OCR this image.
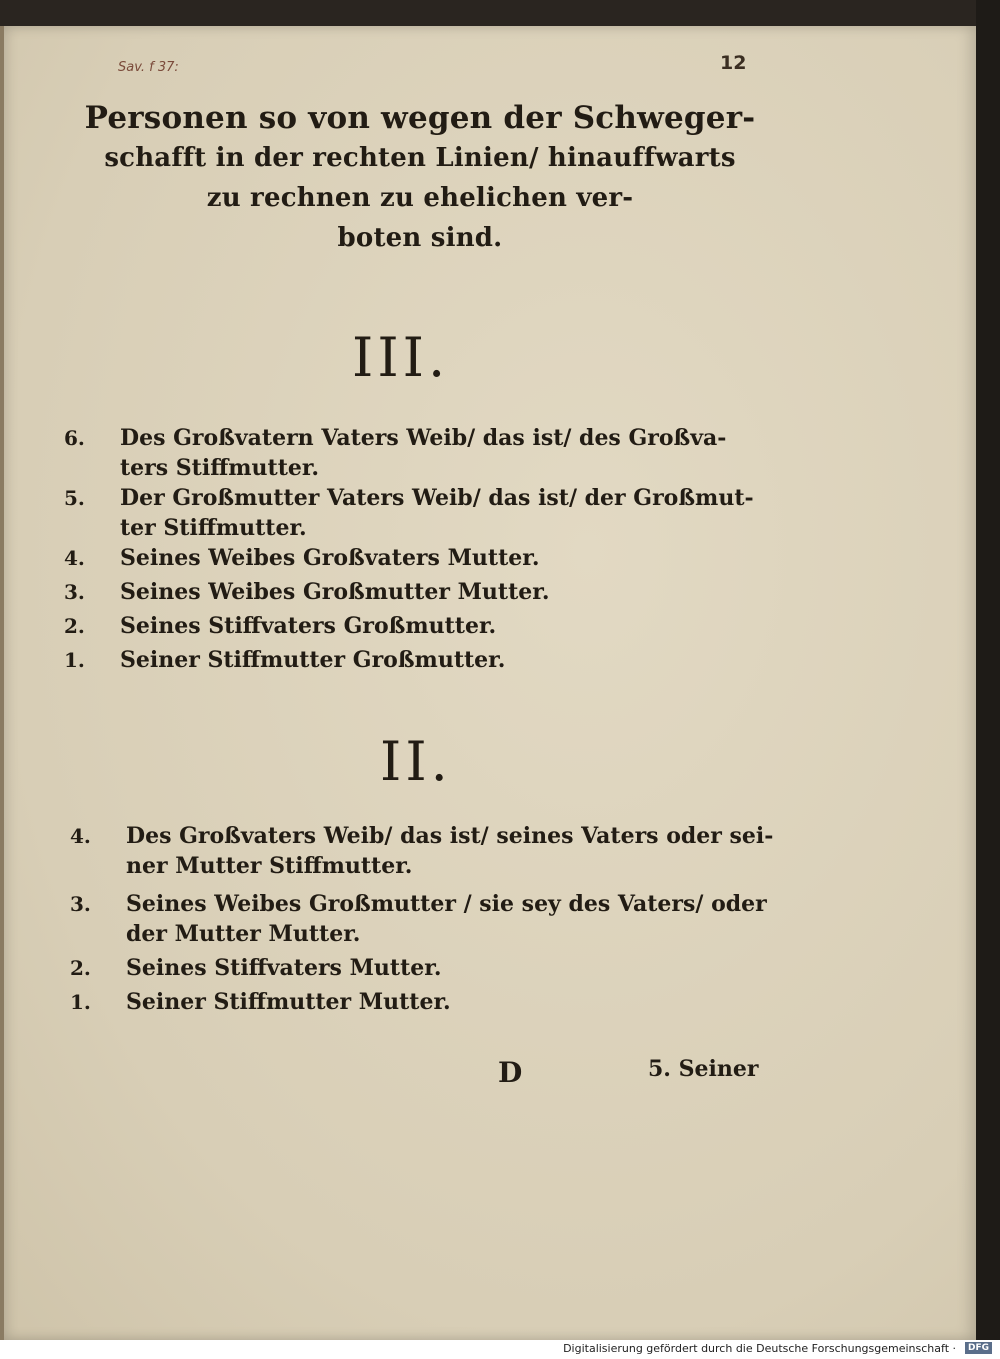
Sav. f 37:	12
Personen so von wegen der Schweger-
schafft in der rechten Linien/ hinauffwarts
zu rechnen zu ehelichen ver-
boten sind.
III.
6.	Des Großvatern Vaters Weib/ das ist/ des Großva-
ters Stiffmutter.
5.	Der Großmutter Vaters Weib/ das ist/ der Großmut-
ter Stiffmutter.
4.	Seines Weibes Großvaters Mutter.
3.	Seines Weibes Großmutter Mutter.
2.	Seines Stiffvaters Großmutter.
1.	Seiner Stiffmutter Großmutter.
II.
4.	Des Großvaters Weib/ das ist/ seines Vaters oder sei-
ner Mutter Stiffmutter.
3.	Seines Weibes Großmutter / sie sey des Vaters/ oder
der Mutter Mutter.
2.	Seines Stiffvaters Mutter.
1.	Seiner Stiffmutter Mutter.
D	5. Seiner
Digitalisierung gefördert durch die Deutsche Forschungsgemeinschaft ·	DFG
